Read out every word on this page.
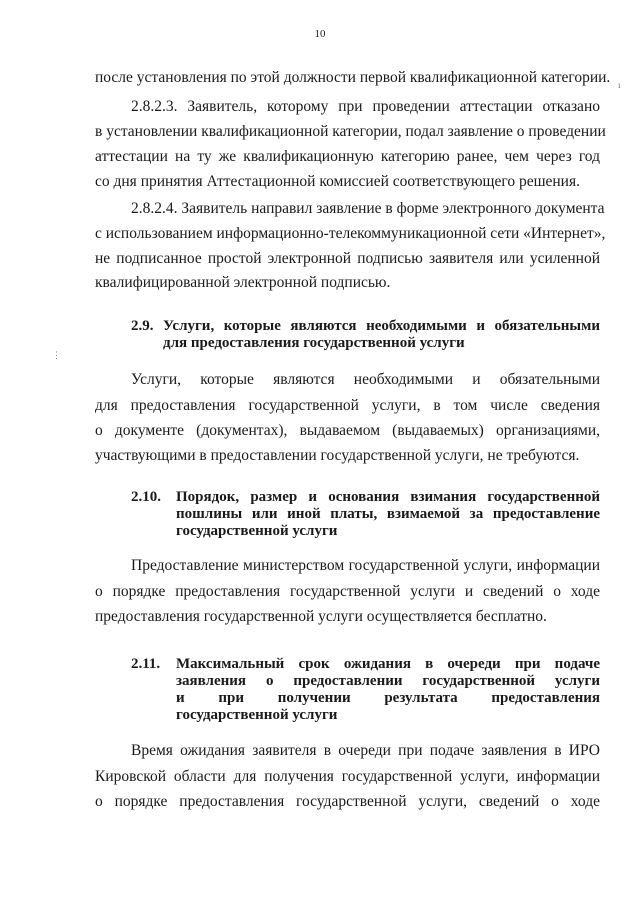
10
после установления по этой должности первой квалификационной категории.
2.8.2.3. Заявитель, которому при проведении аттестации отказано
в установлении квалификационной категории, подал заявление о проведении
аттестации на ту же квалификационную категорию ранее, чем через год
со дня принятия Аттестационной комиссией соответствующего решения.
2.8.2.4. Заявитель направил заявление в форме электронного документа
с использованием информационно-телекоммуникационной сети «Интернет»,
не подписанное простой электронной подписью заявителя или усиленной
квалифицированной электронной подписью.
2.9. Услуги, которые являются необходимыми и обязательными
для предоставления государственной услуги
Услуги, которые являются необходимыми и обязательными
для предоставления государственной услуги, в том числе сведения
о документе (документах), выдаваемом (выдаваемых) организациями,
участвующими в предоставлении государственной услуги, не требуются.
2.10. Порядок, размер и основания взимания государственной
пошлины или иной платы, взимаемой за предоставление
государственной услуги
Предоставление министерством государственной услуги, информации
о порядке предоставления государственной услуги и сведений о ходе
предоставления государственной услуги осуществляется бесплатно.
2.11. Максимальный срок ожидания в очереди при подаче
заявления о предоставлении государственной услуги
и при получении результата предоставления
государственной услуги
Время ожидания заявителя в очереди при подаче заявления в ИРО
Кировской области для получения государственной услуги, информации
о порядке предоставления государственной услуги, сведений о ходе
ı
⋮
